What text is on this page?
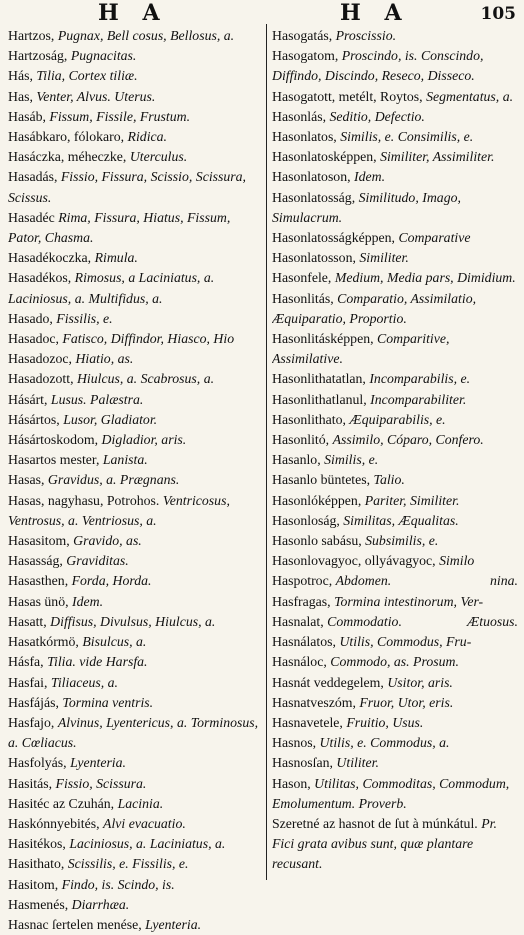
H A	H A	105
Hartzos, Pugnax, Bell cosus, Bellosus, a.
Hartzoság, Pugnacitas.
Hás, Tilia, Cortex tiliæ.
Has, Venter, Alvus. Uterus.
Hasáb, Fissum, Fissile, Frustum.
Hasábkaro, fólokaro, Ridica.
Hasáczka, méheczke, Uterculus.
Hasadás, Fissio, Fissura, Scissio, Scissura, Scissus.
Hasadéc Rima, Fissura, Hiatus, Fissum, Pator, Chasma.
Hasadékoczka, Rimula.
Hasadékos, Rimosus, a Laciniatus, a. Laciniosus, a. Multifidus, a.
Hasado, Fissilis, e.
Hasadoc, Fatisco, Diffindor, Hiasco, Hio
Hasadozoc, Hiatio, as.
Hasadozott, Hiulcus, a. Scabrosus, a.
Hásárt, Lusus. Palæstra.
Hásártos, Lusor, Gladiator.
Hásártoskodom, Digladior, aris.
Hasartos mester, Lanista.
Hasas, Gravidus, a. Prægnans.
Hasas, nagyhasu, Potrohos. Ventricosus, Ventrosus, a. Ventriosus, a.
Hasasitom, Gravido, as.
Hasasság, Graviditas.
Hasasthen, Forda, Horda.
Hasas ünö, Idem.
Hasatt, Diffisus, Divulsus, Hiulcus, a.
Hasatkórmö, Bisulcus, a.
Hásfa, Tilia. vide Harsfa.
Hasfai, Tiliaceus, a.
Hasfájás, Tormina ventris.
Hasfajo, Alvinus, Lyentericus, a. Torminosus, a. Cœliacus.
Hasfolyás, Lyenteria.
Hasitás, Fissio, Scissura.
Hasitéc az Czuhán, Lacinia.
Haskónnyebités, Alvi evacuatio.
Hasitékos, Laciniosus, a. Laciniatus, a.
Hasithato, Scissilis, e. Fissilis, e.
Hasitom, Findo, is. Scindo, is.
Hasmenés, Diarrhæa.
Hasnac ſertelen menése, Lyenteria.
Hasogatás, Proscissio.
Hasogatom, Proscindo, is. Conscindo, Diffindo, Discindo, Reseco, Disseco.
Hasogatott, metélt, Roytos, Segmentatus, a.
Hasonlás, Seditio, Defectio.
Hasonlatos, Similis, e. Consimilis, e.
Hasonlatosképpen, Similiter, Assimiliter.
Hasonlatoson, Idem.
Hasonlatosság, Similitudo, Imago, Simulacrum.
Hasonlatosságképpen, Comparative
Hasonlatosson, Similiter.
Hasonfele, Medium, Media pars, Dimidium.
Hasonlitás, Comparatio, Assimilatio, Æquiparatio, Proportio.
Hasonlitásképpen, Comparitive, Assimilative.
Hasonlithatatlan, Incomparabilis, e.
Hasonlithatlanul, Incomparabiliter.
Hasonlithato, Æquiparabilis, e.
Hasonlitó, Assimilo, Cóparo, Confero.
Hasanlo, Similis, e.
Hasanlo büntetes, Talio.
Hasonlóképpen, Pariter, Similiter.
Hasonloság, Similitas, Æqualitas.
Hasonlo sabásu, Subsimilis, e.
Hasonlovagyoc, ollyávagyoc, Similo
Haspotroc, Abdomen.	nina.
Hasfragas, Tormina intestinorum, Ver-
Hasnalat, Commodatio.	Ætuosus.
Hasnálatos, Utilis, Commodus, Fru-
Hasnáloc, Commodo, as. Prosum.
Hasnát veddegelem, Usitor, aris.
Hasnatveszóm, Fruor, Utor, eris.
Hasnavetele, Fruitio, Usus.
Hasnos, Utilis, e. Commodus, a.
Hasnosſan, Utiliter.
Hason, Utilitas, Commoditas, Commodum, Emolumentum. Proverb.
Szeretné az hasnot de ſut à múnkátul. Pr. Fici grata avibus sunt, quæ plantare recusant.
